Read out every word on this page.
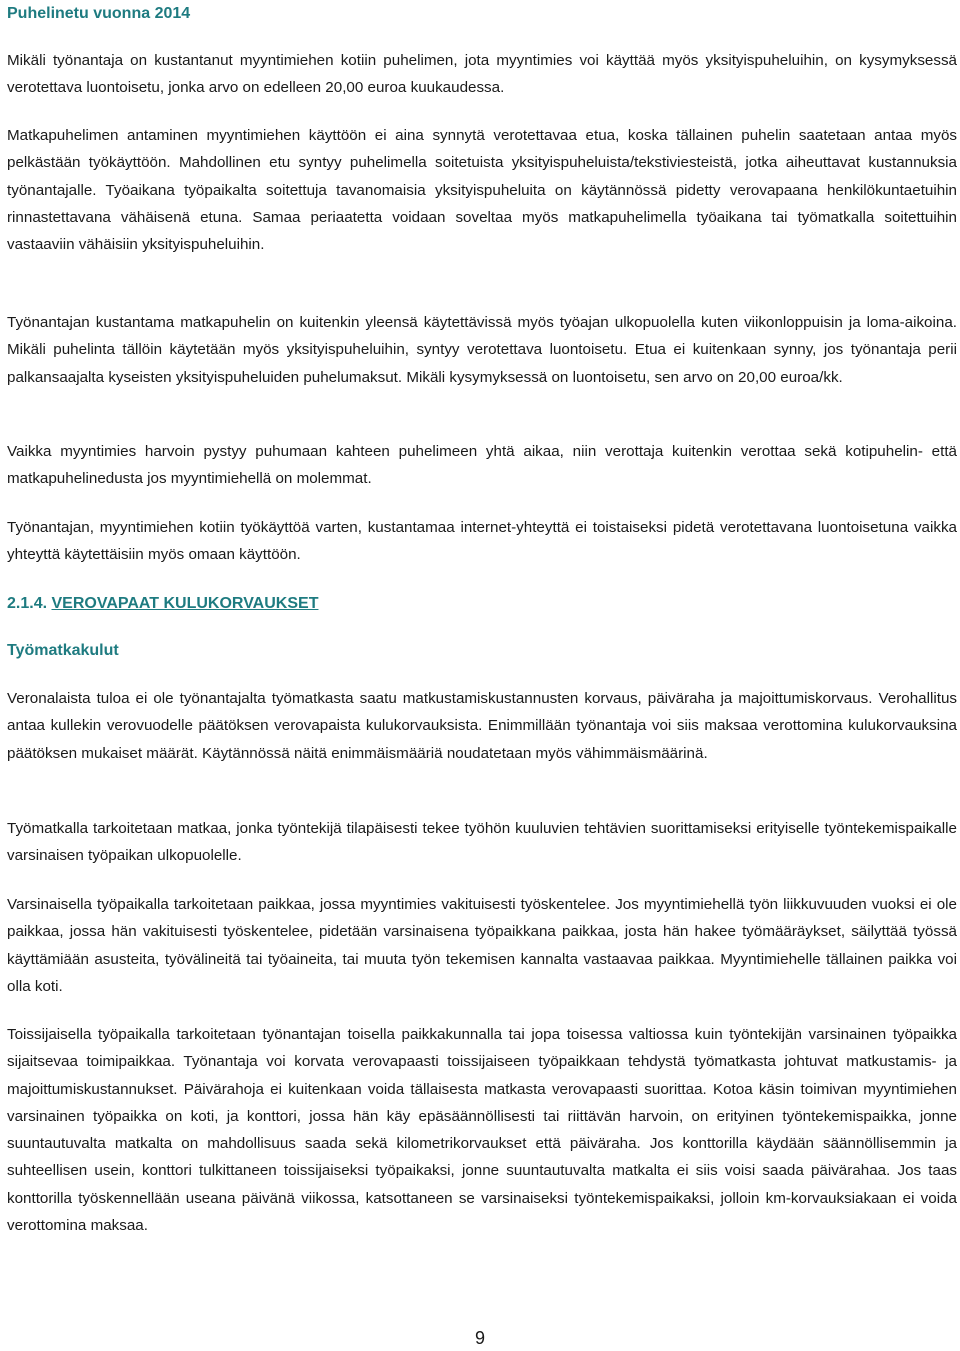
Puhelinetu vuonna 2014

Mikäli työnantaja on kustantanut myyntimiehen kotiin puhelimen, jota myyntimies voi käyttää myös yksityispuheluihin, on kysymyksessä verotettava luontoisetu, jonka arvo on edelleen 20,00 euroa kuukaudessa.

Matkapuhelimen antaminen myyntimiehen käyttöön ei aina synnytä verotettavaa etua, koska tällainen puhelin saatetaan antaa myös pelkästään työkäyttöön. Mahdollinen etu syntyy puhelimella soitetuista yksityispuheluista/tekstiviesteistä, jotka aiheuttavat kustannuksia työnantajalle. Työaikana työpaikalta soitettuja tavanomaisia yksityispuheluita on käytännössä pidetty verovapaana henkilökuntaetuihin rinnastettavana vähäisenä etuna. Samaa periaatetta voidaan soveltaa myös matkapuhelimella työaikana tai työmatkalla soitettuihin vastaaviin vähäisiin yksityispuheluihin.

Työnantajan kustantama matkapuhelin on kuitenkin yleensä käytettävissä myös työajan ulkopuolella kuten viikonloppuisin ja loma-aikoina. Mikäli puhelinta tällöin käytetään myös yksityispuheluihin, syntyy verotettava luontoisetu. Etua ei kuitenkaan synny, jos työnantaja perii palkansaajalta kyseisten yksityispuheluiden puhelumaksut. Mikäli kysymyksessä on luontoisetu, sen arvo on 20,00 euroa/kk.

Vaikka myyntimies harvoin pystyy puhumaan kahteen puhelimeen yhtä aikaa, niin verottaja kuitenkin verottaa sekä kotipuhelin- että matkapuhelinedusta jos myyntimiehellä on molemmat.

Työnantajan, myyntimiehen kotiin työkäyttöä varten, kustantamaa internet-yhteyttä ei toistaiseksi pidetä verotettavana luontoisetuna vaikka yhteyttä käytettäisiin myös omaan käyttöön.

2.1.4. VEROVAPAAT KULUKORVAUKSET
Työmatkakulut

Veronalaista tuloa ei ole työnantajalta työmatkasta saatu matkustamiskustannusten korvaus, päiväraha ja majoittumiskorvaus. Verohallitus antaa kullekin verovuodelle päätöksen verovapaista kulukorvauksista. Enimmillään työnantaja voi siis maksaa verottomina kulukorvauksina päätöksen mukaiset määrät. Käytännössä näitä enimmäismääriä noudatetaan myös vähimmäismäärinä.

Työmatkalla tarkoitetaan matkaa, jonka työntekijä tilapäisesti tekee työhön kuuluvien tehtävien suorittamiseksi erityiselle työntekemispaikalle varsinaisen työpaikan ulkopuolelle.

Varsinaisella työpaikalla tarkoitetaan paikkaa, jossa myyntimies vakituisesti työskentelee. Jos myyntimiehellä työn liikkuvuuden vuoksi ei ole paikkaa, jossa hän vakituisesti työskentelee, pidetään varsinaisena työpaikkana paikkaa, josta hän hakee työmääräykset, säilyttää työssä käyttämiään asusteita, työvälineitä tai työaineita, tai muuta työn tekemisen kannalta vastaavaa paikkaa. Myyntimiehelle tällainen paikka voi olla koti.

Toissijaisella työpaikalla tarkoitetaan työnantajan toisella paikkakunnalla tai jopa toisessa valtiossa kuin työntekijän varsinainen työpaikka sijaitsevaa toimipaikkaa. Työnantaja voi korvata verovapaasti toissijaiseen työpaikkaan tehdystä työmatkasta johtuvat matkustamis- ja majoittumiskustannukset. Päivärahoja ei kuitenkaan voida tällaisesta matkasta verovapaasti suorittaa. Kotoa käsin toimivan myyntimiehen varsinainen työpaikka on koti, ja konttori, jossa hän käy epäsäännöllisesti tai riittävän harvoin, on erityinen työntekemispaikka, jonne suuntautuvalta matkalta on mahdollisuus saada sekä kilometrikorvaukset että päiväraha. Jos konttorilla käydään säännöllisemmin ja suhteellisen usein, konttori tulkittaneen toissijaiseksi työpaikaksi, jonne suuntautuvalta matkalta ei siis voisi saada päivärahaa. Jos taas konttorilla työskennellään useana päivänä viikossa, katsottaneen se varsinaiseksi työntekemispaikaksi, jolloin km-korvauksiakaan ei voida verottomina maksaa.

9
